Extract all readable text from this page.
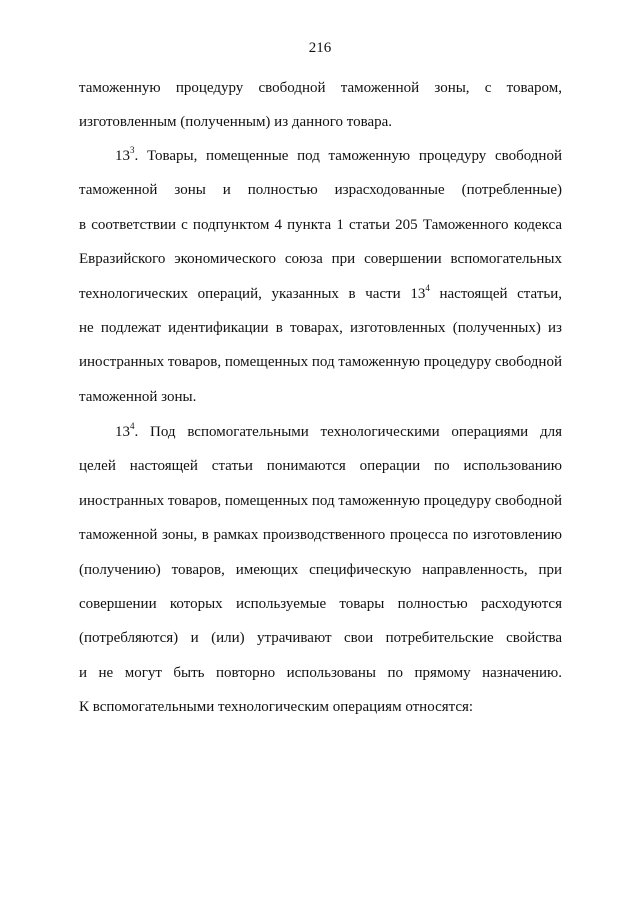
216
таможенную процедуру свободной таможенной зоны, с товаром,
изготовленным (полученным) из данного товара.
$13^3$. Товары, помещенные под таможенную процедуру свободной
таможенной зоны и полностью израсходованные (потребленные)
в соответствии с подпунктом 4 пункта 1 статьи 205 Таможенного кодекса
Евразийского экономического союза при совершении вспомогательных
технологических операций, указанных в части $13^4$ настоящей статьи,
не подлежат идентификации в товарах, изготовленных (полученных) из
иностранных товаров, помещенных под таможенную процедуру свободной
таможенной зоны.
$13^4$. Под вспомогательными технологическими операциями для
целей настоящей статьи понимаются операции по использованию
иностранных товаров, помещенных под таможенную процедуру свободной
таможенной зоны, в рамках производственного процесса по изготовлению
(получению) товаров, имеющих специфическую направленность, при
совершении которых используемые товары полностью расходуются
(потребляются) и (или) утрачивают свои потребительские свойства
и не могут быть повторно использованы по прямому назначению.
К вспомогательными технологическим операциям относятся:
